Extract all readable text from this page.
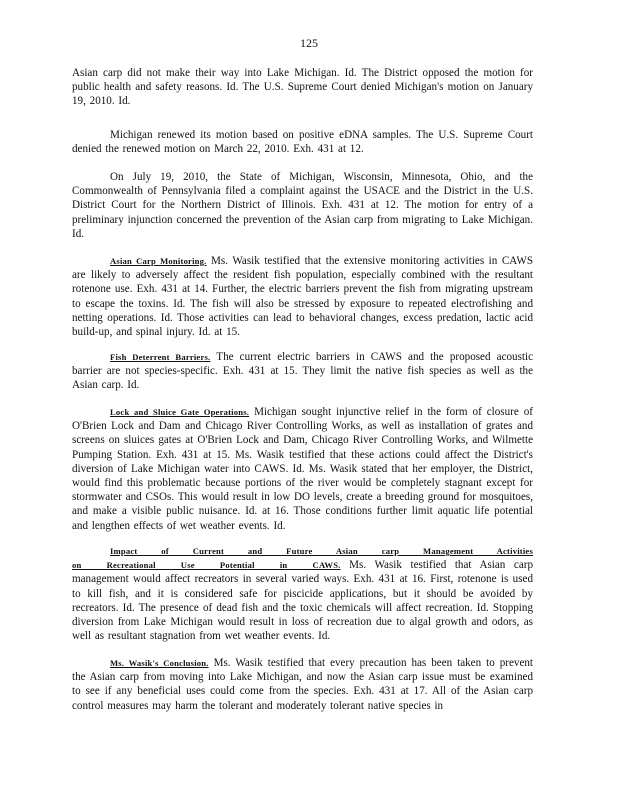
125

Asian carp did not make their way into Lake Michigan. Id. The District opposed the motion for public health and safety reasons. Id. The U.S. Supreme Court denied Michigan's motion on January 19, 2010. Id.

Michigan renewed its motion based on positive eDNA samples. The U.S. Supreme Court denied the renewed motion on March 22, 2010. Exh. 431 at 12.

On July 19, 2010, the State of Michigan, Wisconsin, Minnesota, Ohio, and the Commonwealth of Pennsylvania filed a complaint against the USACE and the District in the U.S. District Court for the Northern District of Illinois. Exh. 431 at 12. The motion for entry of a preliminary injunction concerned the prevention of the Asian carp from migrating to Lake Michigan. Id.

Asian Carp Monitoring. Ms. Wasik testified that the extensive monitoring activities in CAWS are likely to adversely affect the resident fish population, especially combined with the resultant rotenone use. Exh. 431 at 14. Further, the electric barriers prevent the fish from migrating upstream to escape the toxins. Id. The fish will also be stressed by exposure to repeated electrofishing and netting operations. Id. Those activities can lead to behavioral changes, excess predation, lactic acid build-up, and spinal injury. Id. at 15.

Fish Deterrent Barriers. The current electric barriers in CAWS and the proposed acoustic barrier are not species-specific. Exh. 431 at 15. They limit the native fish species as well as the Asian carp. Id.

Lock and Sluice Gate Operations. Michigan sought injunctive relief in the form of closure of O'Brien Lock and Dam and Chicago River Controlling Works, as well as installation of grates and screens on sluices gates at O'Brien Lock and Dam, Chicago River Controlling Works, and Wilmette Pumping Station. Exh. 431 at 15. Ms. Wasik testified that these actions could affect the District's diversion of Lake Michigan water into CAWS. Id. Ms. Wasik stated that her employer, the District, would find this problematic because portions of the river would be completely stagnant except for stormwater and CSOs. This would result in low DO levels, create a breeding ground for mosquitoes, and make a visible public nuisance. Id. at 16. Those conditions further limit aquatic life potential and lengthen effects of wet weather events. Id.

Impact of Current and Future Asian carp Management Activities on Recreational Use Potential in CAWS. Ms. Wasik testified that Asian carp management would affect recreators in several varied ways. Exh. 431 at 16. First, rotenone is used to kill fish, and it is considered safe for piscicide applications, but it should be avoided by recreators. Id. The presence of dead fish and the toxic chemicals will affect recreation. Id. Stopping diversion from Lake Michigan would result in loss of recreation due to algal growth and odors, as well as resultant stagnation from wet weather events. Id.

Ms. Wasik's Conclusion. Ms. Wasik testified that every precaution has been taken to prevent the Asian carp from moving into Lake Michigan, and now the Asian carp issue must be examined to see if any beneficial uses could come from the species. Exh. 431 at 17. All of the Asian carp control measures may harm the tolerant and moderately tolerant native species in
